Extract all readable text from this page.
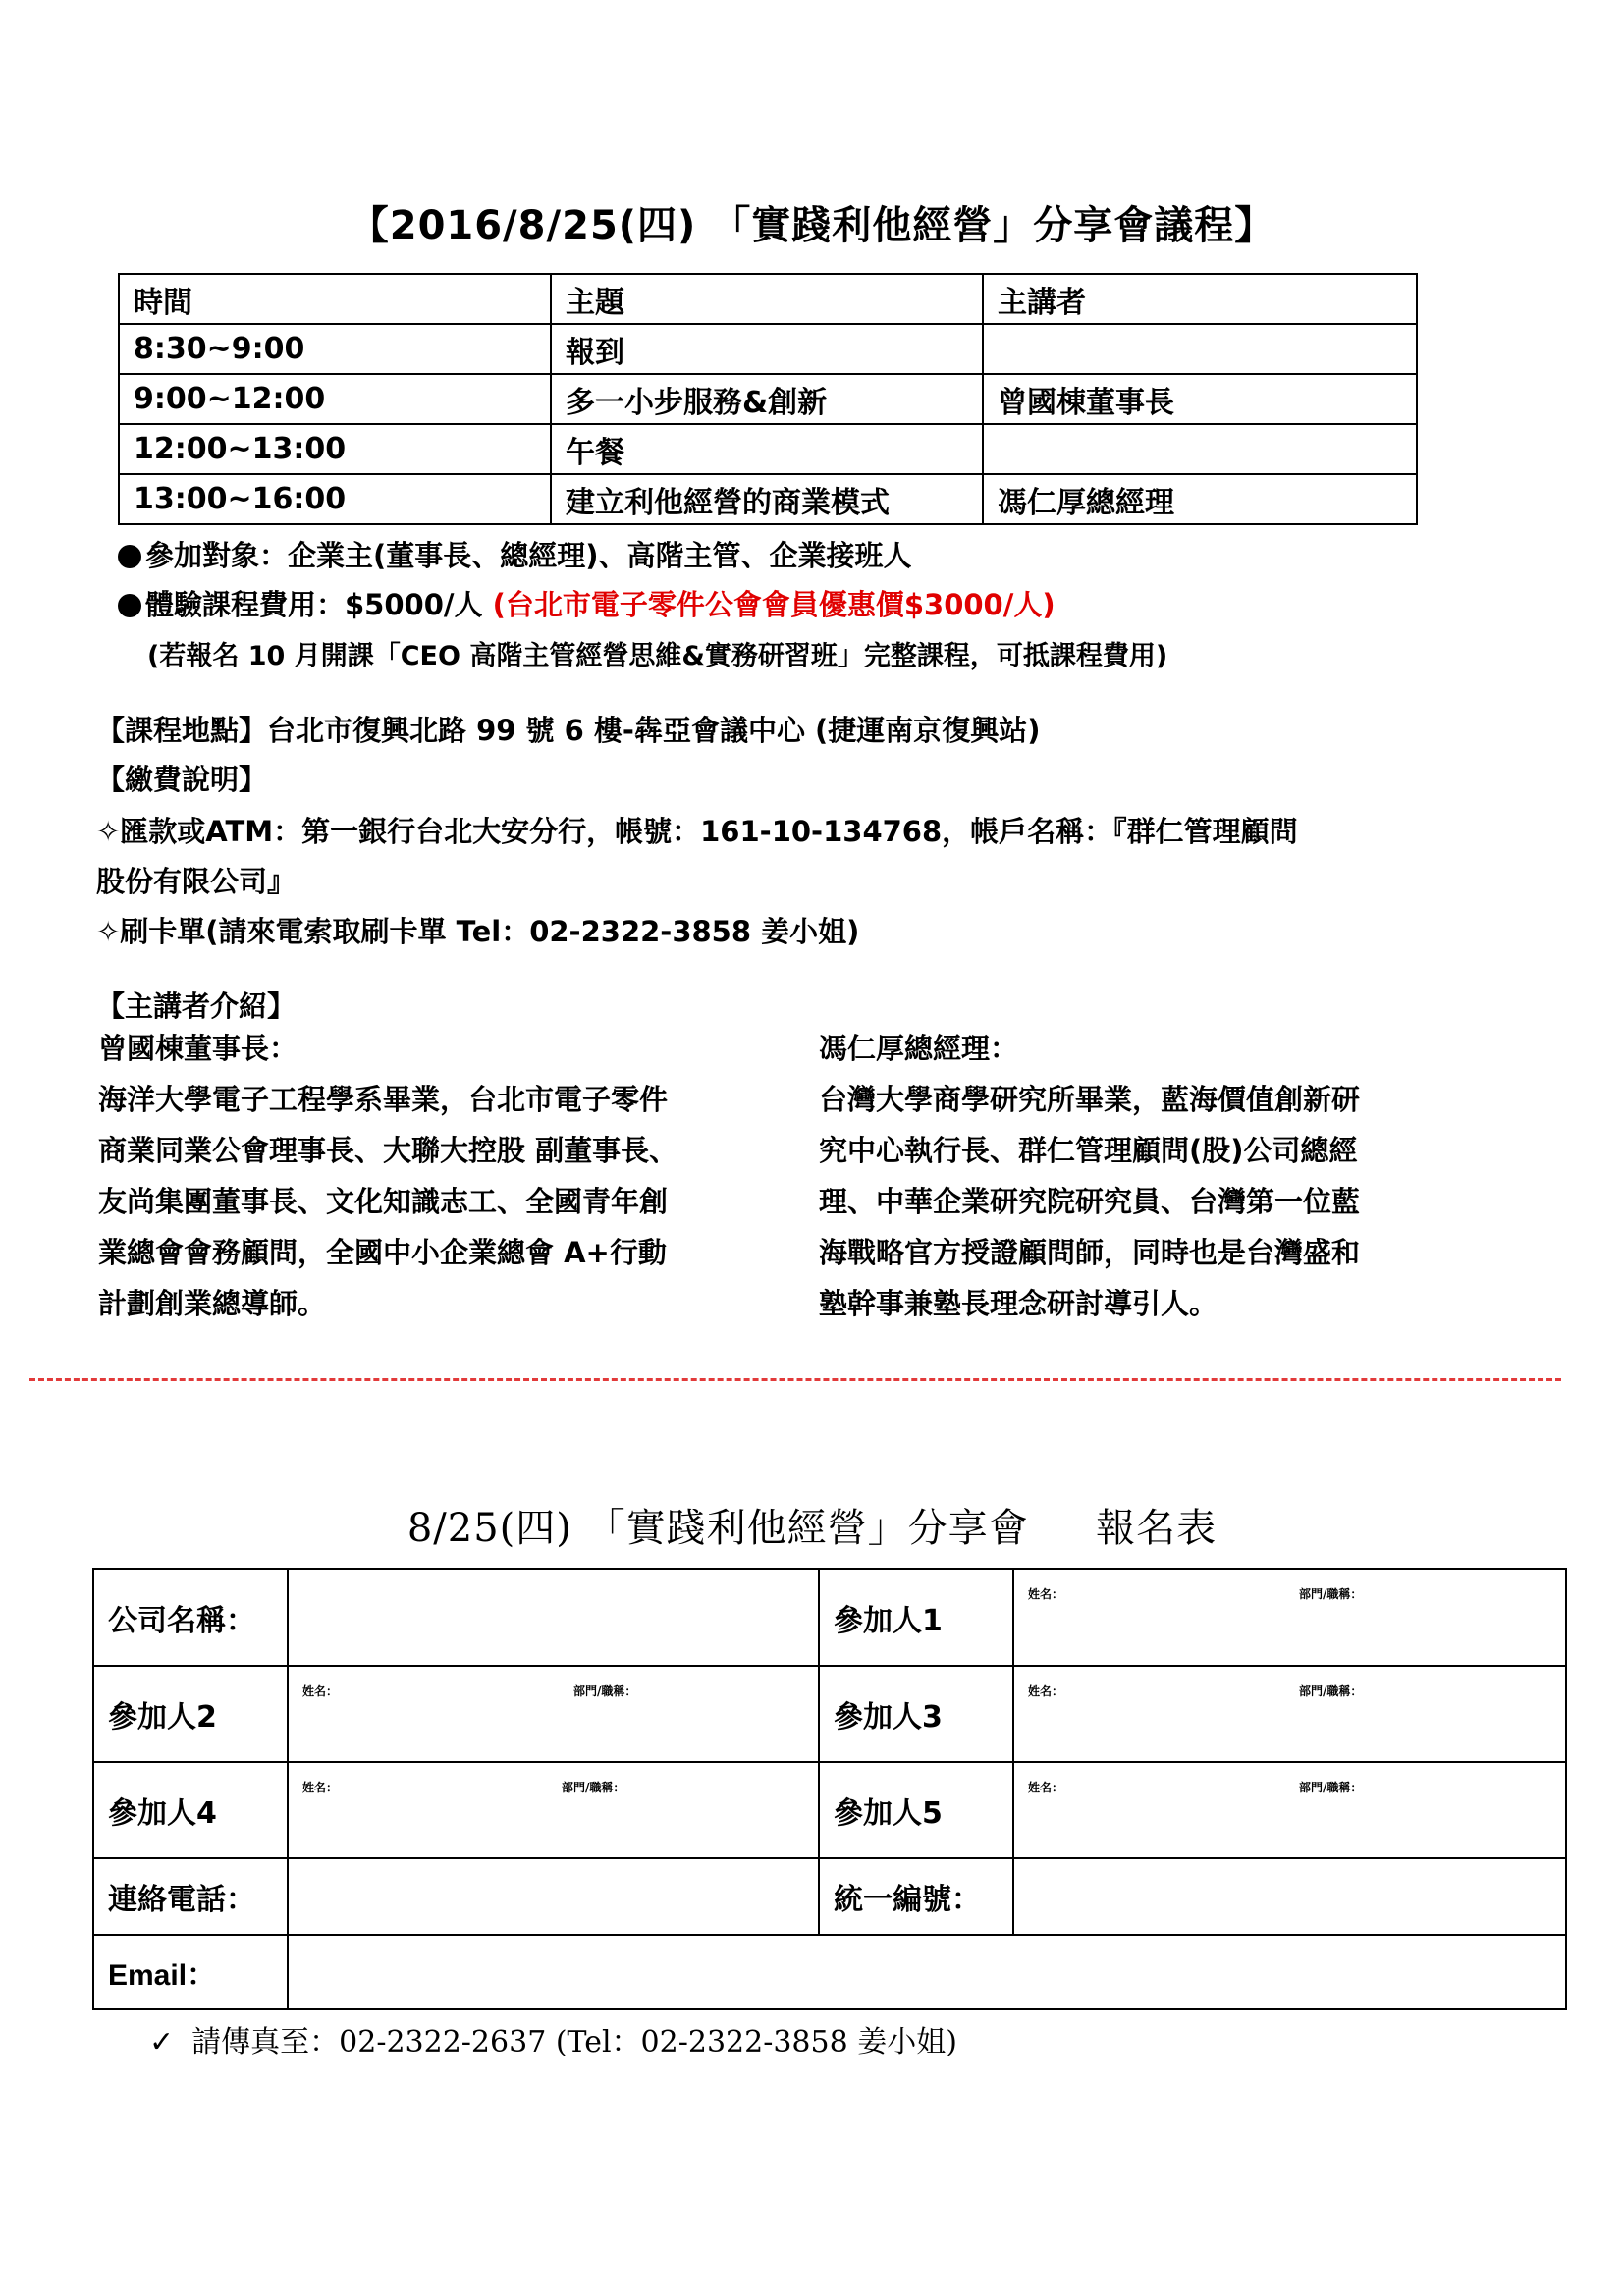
【2016/8/25(四) 「實踐利他經營」分享會議程】
時間	主題	主講者
8:30~9:00	報到	
9:00~12:00	多一小步服務&創新	曾國棟董事長
12:00~13:00	午餐	
13:00~16:00	建立利他經營的商業模式	馮仁厚總經理
參加對象：企業主(董事長、總經理)、高階主管、企業接班人
體驗課程費用：$5000/人 (台北市電子零件公會會員優惠價$3000/人)
(若報名 10 月開課「CEO 高階主管經營思維&實務研習班」完整課程，可抵課程費用)
【課程地點】台北市復興北路 99 號 6 樓-犇亞會議中心 (捷運南京復興站)
【繳費說明】
✧匯款或ATM：第一銀行台北大安分行，帳號：161-10-134768，帳戶名稱：『群仁管理顧問
股份有限公司』
✧刷卡單(請來電索取刷卡單 Tel：02-2322-3858 姜小姐)
【主講者介紹】
曾國棟董事長：
海洋大學電子工程學系畢業，台北市電子零件
商業同業公會理事長、大聯大控股 副董事長、
友尚集團董事長、文化知識志工、全國青年創
業總會會務顧問，全國中小企業總會 A+行動
計劃創業總導師。
馮仁厚總經理：
台灣大學商學研究所畢業，藍海價值創新研
究中心執行長、群仁管理顧問(股)公司總經
理、中華企業研究院研究員、台灣第一位藍
海戰略官方授證顧問師，同時也是台灣盛和
塾幹事兼塾長理念研討導引人。
8/25(四) 「實踐利他經營」分享會     報名表
公司名稱：		參加人1	姓名： 部門/職稱：

參加人2	姓名： 部門/職稱：	參加人3	姓名： 部門/職稱：

參加人4	姓名： 部門/職稱：	參加人5	姓名： 部門/職稱：

連絡電話：		統一編號：	
Email：			
✓ 請傳真至：02-2322-2637 (Tel：02-2322-3858 姜小姐)
